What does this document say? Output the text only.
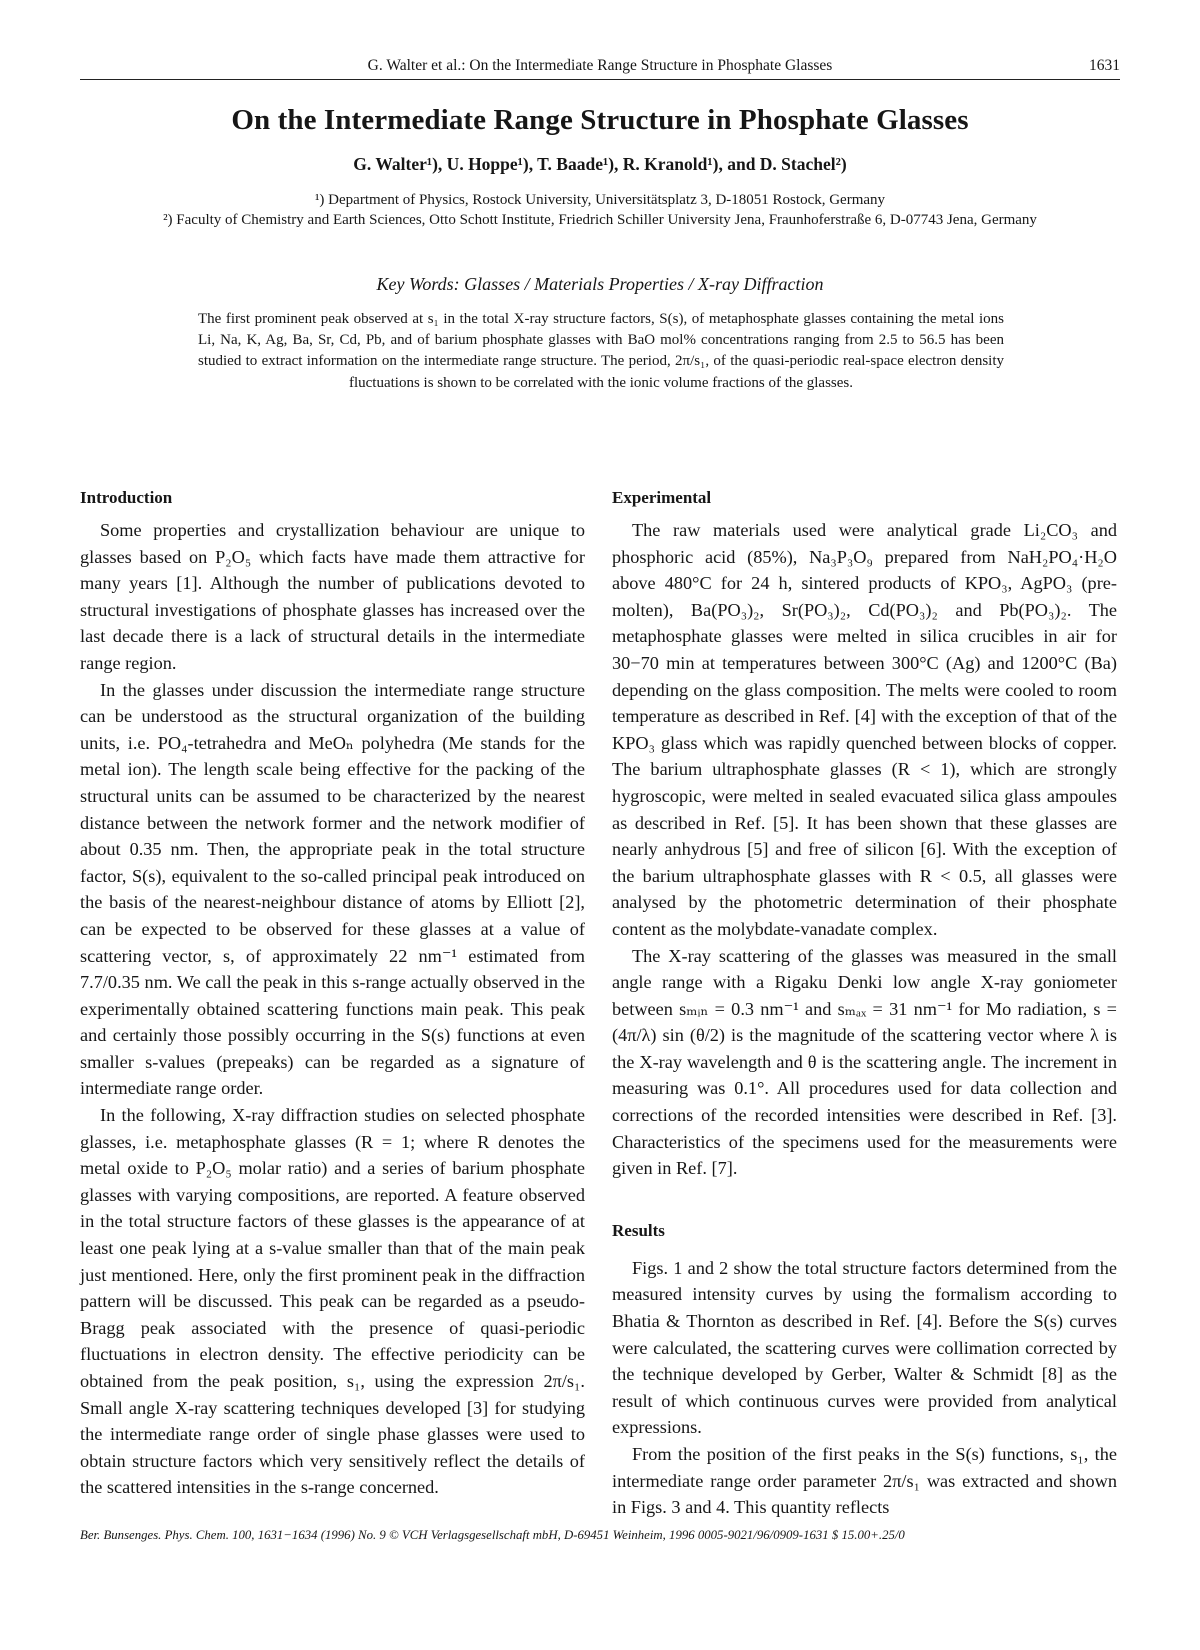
G. Walter et al.: On the Intermediate Range Structure in Phosphate Glasses	1631
On the Intermediate Range Structure in Phosphate Glasses
G. Walter¹), U. Hoppe¹), T. Baade¹), R. Kranold¹), and D. Stachel²)
¹) Department of Physics, Rostock University, Universitätsplatz 3, D-18051 Rostock, Germany
²) Faculty of Chemistry and Earth Sciences, Otto Schott Institute, Friedrich Schiller University Jena, Fraunhoferstraße 6, D-07743 Jena, Germany
Key Words: Glasses / Materials Properties / X-ray Diffraction
The first prominent peak observed at s₁ in the total X-ray structure factors, S(s), of metaphosphate glasses containing the metal ions Li, Na, K, Ag, Ba, Sr, Cd, Pb, and of barium phosphate glasses with BaO mol% concentrations ranging from 2.5 to 56.5 has been studied to extract information on the intermediate range structure. The period, 2π/s₁, of the quasi-periodic real-space electron density fluctuations is shown to be correlated with the ionic volume fractions of the glasses.
Introduction

Some properties and crystallization behaviour are unique to glasses based on P₂O₅ which facts have made them attractive for many years [1]. Although the number of publications devoted to structural investigations of phosphate glasses has increased over the last decade there is a lack of structural details in the intermediate range region.

In the glasses under discussion the intermediate range structure can be understood as the structural organization of the building units, i.e. PO₄-tetrahedra and MeOₙ polyhedra (Me stands for the metal ion). The length scale being effective for the packing of the structural units can be assumed to be characterized by the nearest distance between the network former and the network modifier of about 0.35 nm. Then, the appropriate peak in the total structure factor, S(s), equivalent to the so-called principal peak introduced on the basis of the nearest-neighbour distance of atoms by Elliott [2], can be expected to be observed for these glasses at a value of scattering vector, s, of approximately 22 nm⁻¹ estimated from 7.7/0.35 nm. We call the peak in this s-range actually observed in the experimentally obtained scattering functions main peak. This peak and certainly those possibly occurring in the S(s) functions at even smaller s-values (prepeaks) can be regarded as a signature of intermediate range order.

In the following, X-ray diffraction studies on selected phosphate glasses, i.e. metaphosphate glasses (R = 1; where R denotes the metal oxide to P₂O₅ molar ratio) and a series of barium phosphate glasses with varying compositions, are reported. A feature observed in the total structure factors of these glasses is the appearance of at least one peak lying at a s-value smaller than that of the main peak just mentioned. Here, only the first prominent peak in the diffraction pattern will be discussed. This peak can be regarded as a pseudo-Bragg peak associated with the presence of quasi-periodic fluctuations in electron density. The effective periodicity can be obtained from the peak position, s₁, using the expression 2π/s₁. Small angle X-ray scattering techniques developed [3] for studying the intermediate range order of single phase glasses were used to obtain structure factors which very sensitively reflect the details of the scattered intensities in the s-range concerned.

Experimental

The raw materials used were analytical grade Li₂CO₃ and phosphoric acid (85%), Na₃P₃O₉ prepared from NaH₂PO₄·H₂O above 480°C for 24 h, sintered products of KPO₃, AgPO₃ (pre-molten), Ba(PO₃)₂, Sr(PO₃)₂, Cd(PO₃)₂ and Pb(PO₃)₂. The metaphosphate glasses were melted in silica crucibles in air for 30−70 min at temperatures between 300°C (Ag) and 1200°C (Ba) depending on the glass composition. The melts were cooled to room temperature as described in Ref. [4] with the exception of that of the KPO₃ glass which was rapidly quenched between blocks of copper. The barium ultraphosphate glasses (R < 1), which are strongly hygroscopic, were melted in sealed evacuated silica glass ampoules as described in Ref. [5]. It has been shown that these glasses are nearly anhydrous [5] and free of silicon [6]. With the exception of the barium ultraphosphate glasses with R < 0.5, all glasses were analysed by the photometric determination of their phosphate content as the molybdate-vanadate complex.

The X-ray scattering of the glasses was measured in the small angle range with a Rigaku Denki low angle X-ray goniometer between sₘᵢₙ = 0.3 nm⁻¹ and sₘₐₓ = 31 nm⁻¹ for Mo radiation, s = (4π/λ) sin (θ/2) is the magnitude of the scattering vector where λ is the X-ray wavelength and θ is the scattering angle. The increment in measuring was 0.1°. All procedures used for data collection and corrections of the recorded intensities were described in Ref. [3]. Characteristics of the specimens used for the measurements were given in Ref. [7].

Results

Figs. 1 and 2 show the total structure factors determined from the measured intensity curves by using the formalism according to Bhatia & Thornton as described in Ref. [4]. Before the S(s) curves were calculated, the scattering curves were collimation corrected by the technique developed by Gerber, Walter & Schmidt [8] as the result of which continuous curves were provided from analytical expressions.

From the position of the first peaks in the S(s) functions, s₁, the intermediate range order parameter 2π/s₁ was extracted and shown in Figs. 3 and 4. This quantity reflects

Ber. Bunsenges. Phys. Chem. 100, 1631−1634 (1996) No. 9 © VCH Verlagsgesellschaft mbH, D-69451 Weinheim, 1996 0005-9021/96/0909-1631 $ 15.00+.25/0
